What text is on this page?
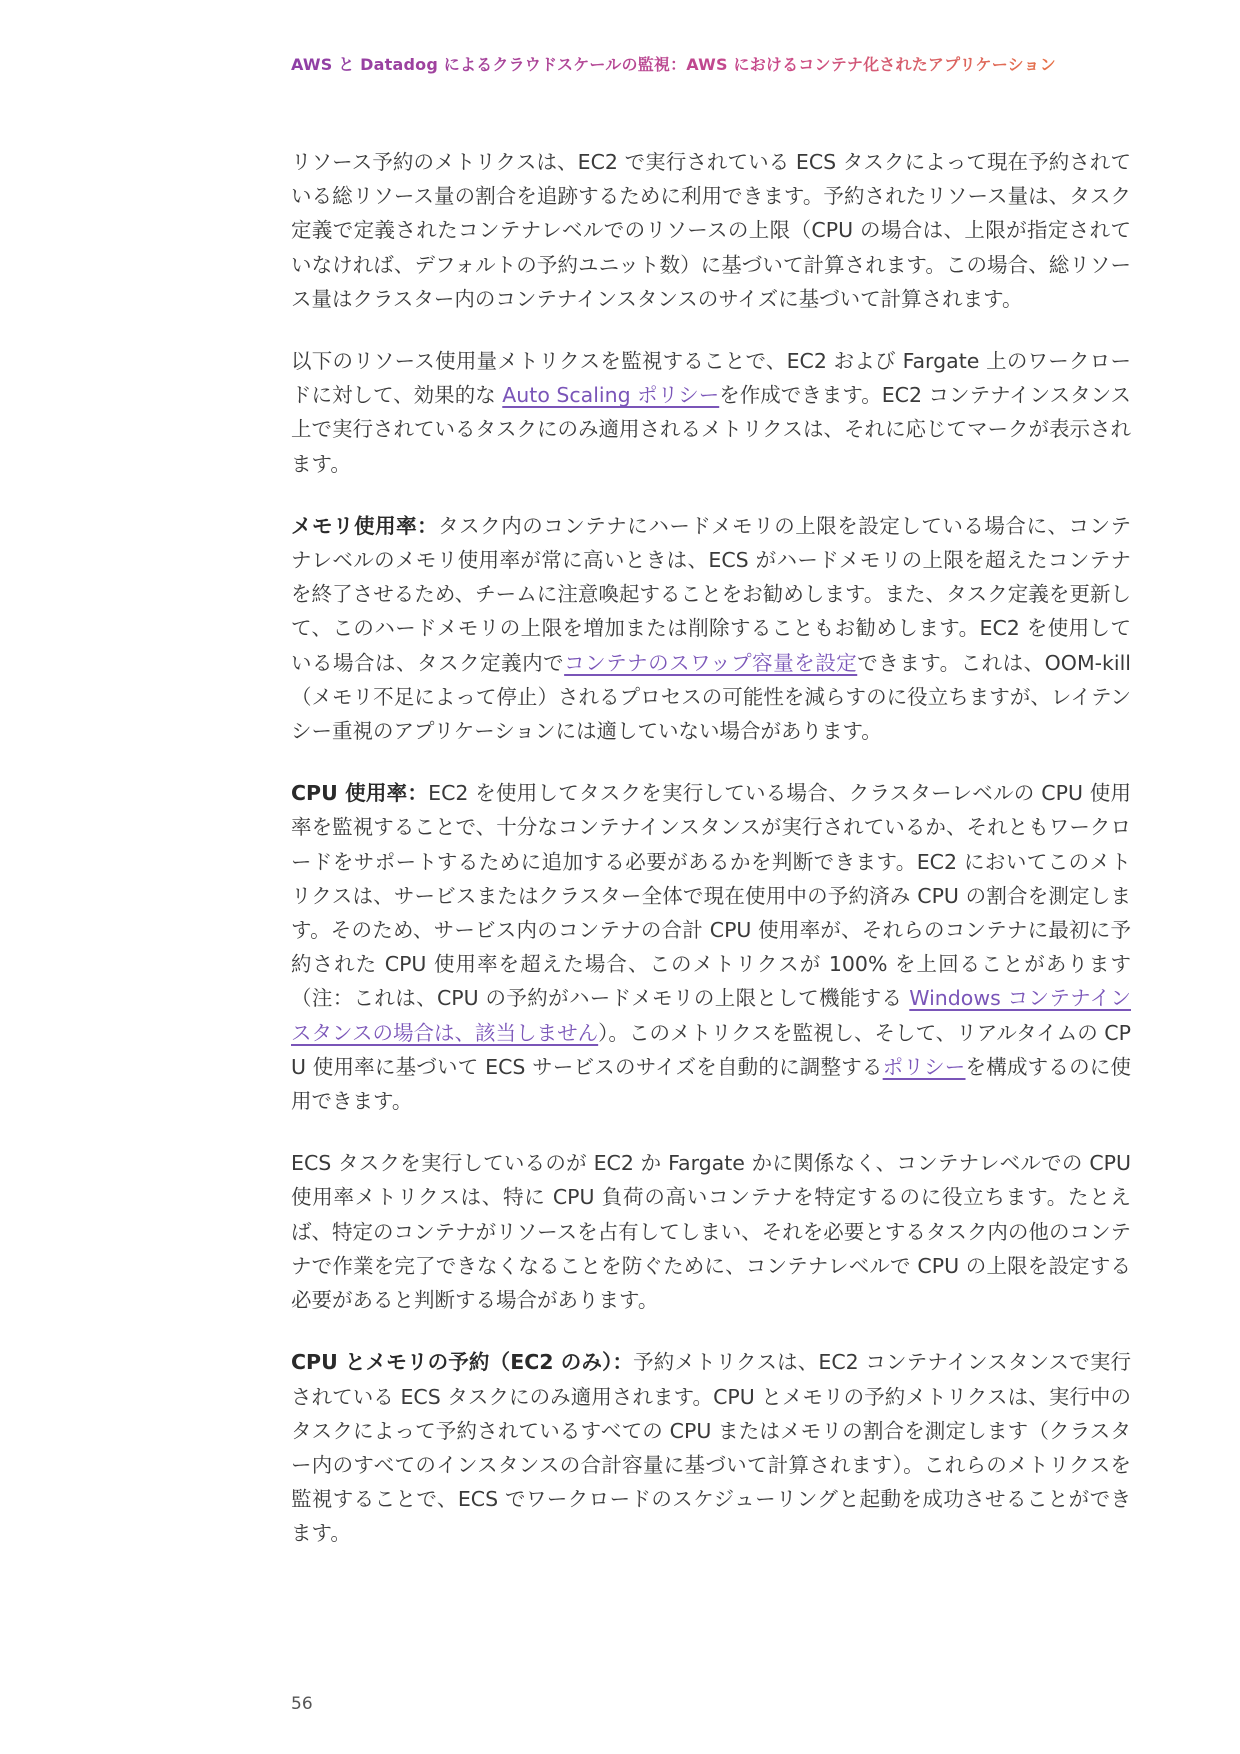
AWS と Datadog によるクラウドスケールの監視：AWS におけるコンテナ化されたアプリケーション

リソース予約のメトリクスは、EC2 で実行されている ECS タスクによって現在予約されている総リソース量の割合を追跡するために利用できます。予約されたリソース量は、タスク定義で定義されたコンテナレベルでのリソースの上限（CPU の場合は、上限が指定されていなければ、デフォルトの予約ユニット数）に基づいて計算されます。この場合、総リソース量はクラスター内のコンテナインスタンスのサイズに基づいて計算されます。

以下のリソース使用量メトリクスを監視することで、EC2 および Fargate 上のワークロードに対して、効果的な Auto Scaling ポリシーを作成できます。EC2 コンテナインスタンス上で実行されているタスクにのみ適用されるメトリクスは、それに応じてマークが表示されます。

メモリ使用率：タスク内のコンテナにハードメモリの上限を設定している場合に、コンテナレベルのメモリ使用率が常に高いときは、ECS がハードメモリの上限を超えたコンテナを終了させるため、チームに注意喚起することをお勧めします。また、タスク定義を更新して、このハードメモリの上限を増加または削除することもお勧めします。EC2 を使用している場合は、タスク定義内でコンテナのスワップ容量を設定できます。これは、OOM-kill（メモリ不足によって停止）されるプロセスの可能性を減らすのに役立ちますが、レイテンシー重視のアプリケーションには適していない場合があります。

CPU 使用率：EC2 を使用してタスクを実行している場合、クラスターレベルの CPU 使用率を監視することで、十分なコンテナインスタンスが実行されているか、それともワークロードをサポートするために追加する必要があるかを判断できます。EC2 においてこのメトリクスは、サービスまたはクラスター全体で現在使用中の予約済み CPU の割合を測定します。そのため、サービス内のコンテナの合計 CPU 使用率が、それらのコンテナに最初に予約された CPU 使用率を超えた場合、このメトリクスが 100% を上回ることがあります（注：これは、CPU の予約がハードメモリの上限として機能する Windows コンテナインスタンスの場合は、該当しません）。このメトリクスを監視し、そして、リアルタイムの CPU 使用率に基づいて ECS サービスのサイズを自動的に調整するポリシーを構成するのに使用できます。

ECS タスクを実行しているのが EC2 か Fargate かに関係なく、コンテナレベルでの CPU 使用率メトリクスは、特に CPU 負荷の高いコンテナを特定するのに役立ちます。たとえば、特定のコンテナがリソースを占有してしまい、それを必要とするタスク内の他のコンテナで作業を完了できなくなることを防ぐために、コンテナレベルで CPU の上限を設定する必要があると判断する場合があります。

CPU とメモリの予約（EC2 のみ）：予約メトリクスは、EC2 コンテナインスタンスで実行されている ECS タスクにのみ適用されます。CPU とメモリの予約メトリクスは、実行中のタスクによって予約されているすべての CPU またはメモリの割合を測定します（クラスター内のすべてのインスタンスの合計容量に基づいて計算されます）。これらのメトリクスを監視することで、ECS でワークロードのスケジューリングと起動を成功させることができます。

56
